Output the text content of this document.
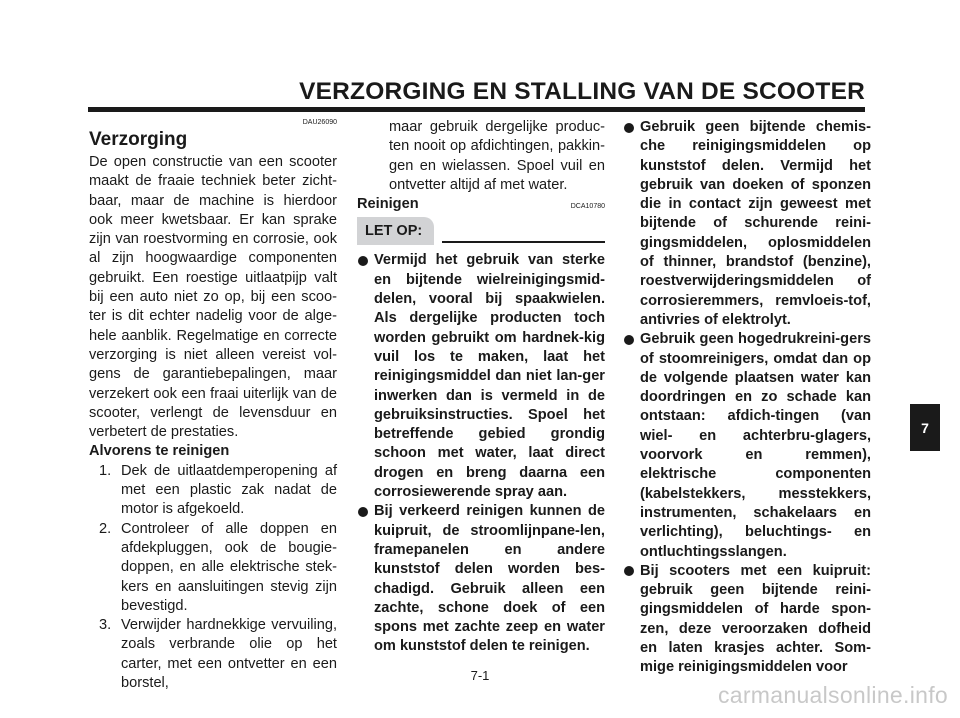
VERZORGING EN STALLING VAN DE SCOOTER
DAU26090
Verzorging
De open constructie van een scooter maakt de fraaie techniek beter zicht-baar, maar de machine is hierdoor ook meer kwetsbaar. Er kan sprake zijn van roestvorming en corrosie, ook al zijn hoogwaardige componenten gebruikt. Een roestige uitlaatpijp valt bij een auto niet zo op, bij een scoo-ter is dit echter nadelig voor de alge-hele aanblik. Regelmatige en correcte verzorging is niet alleen vereist vol-gens de garantiebepalingen, maar verzekert ook een fraai uiterlijk van de scooter, verlengt de levensduur en verbetert de prestaties.
Alvorens te reinigen
1. Dek de uitlaatdemperopening af met een plastic zak nadat de motor is afgekoeld.
2. Controleer of alle doppen en afdekpluggen, ook de bougie-doppen, en alle elektrische stek-kers en aansluitingen stevig zijn bevestigd.
3. Verwijder hardnekkige vervuiling, zoals verbrande olie op het carter, met een ontvetter en een borstel,
maar gebruik dergelijke produc-ten nooit op afdichtingen, pakkin-gen en wielassen. Spoel vuil en ontvetter altijd af met water.
Reinigen	DCA10780
LET OP:
Vermijd het gebruik van sterke en bijtende wielreinigingsmid-delen, vooral bij spaakwielen. Als dergelijke producten toch worden gebruikt om hardnek-kig vuil los te maken, laat het reinigingsmiddel dan niet lan-ger inwerken dan is vermeld in de gebruiksinstructies. Spoel het betreffende gebied grondig schoon met water, laat direct drogen en breng daarna een corrosiewerende spray aan.
Bij verkeerd reinigen kunnen de kuipruit, de stroomlijnpane-len, framepanelen en andere kunststof delen worden bes-chadigd. Gebruik alleen een zachte, schone doek of een spons met zachte zeep en water om kunststof delen te reinigen.
Gebruik geen bijtende chemis-che reinigingsmiddelen op kunststof delen. Vermijd het gebruik van doeken of sponzen die in contact zijn geweest met bijtende of schurende reini-gingsmiddelen, oplosmiddelen of thinner, brandstof (benzine), roestverwijderingsmiddelen of corrosieremmers, remvloeis-tof, antivries of elektrolyt.
Gebruik geen hogedrukreini-gers of stoomreinigers, omdat dan op de volgende plaatsen water kan doordringen en zo schade kan ontstaan: afdich-tingen (van wiel- en achterbru-glagers, voorvork en remmen), elektrische componenten (kabelstekkers, messtekkers, instrumenten, schakelaars en verlichting), beluchtings- en ontluchtingsslangen.
Bij scooters met een kuipruit: gebruik geen bijtende reini-gingsmiddelen of harde spon-zen, deze veroorzaken dofheid en laten krasjes achter. Som-mige reinigingsmiddelen voor
7
7-1
carmanualsonline.info
